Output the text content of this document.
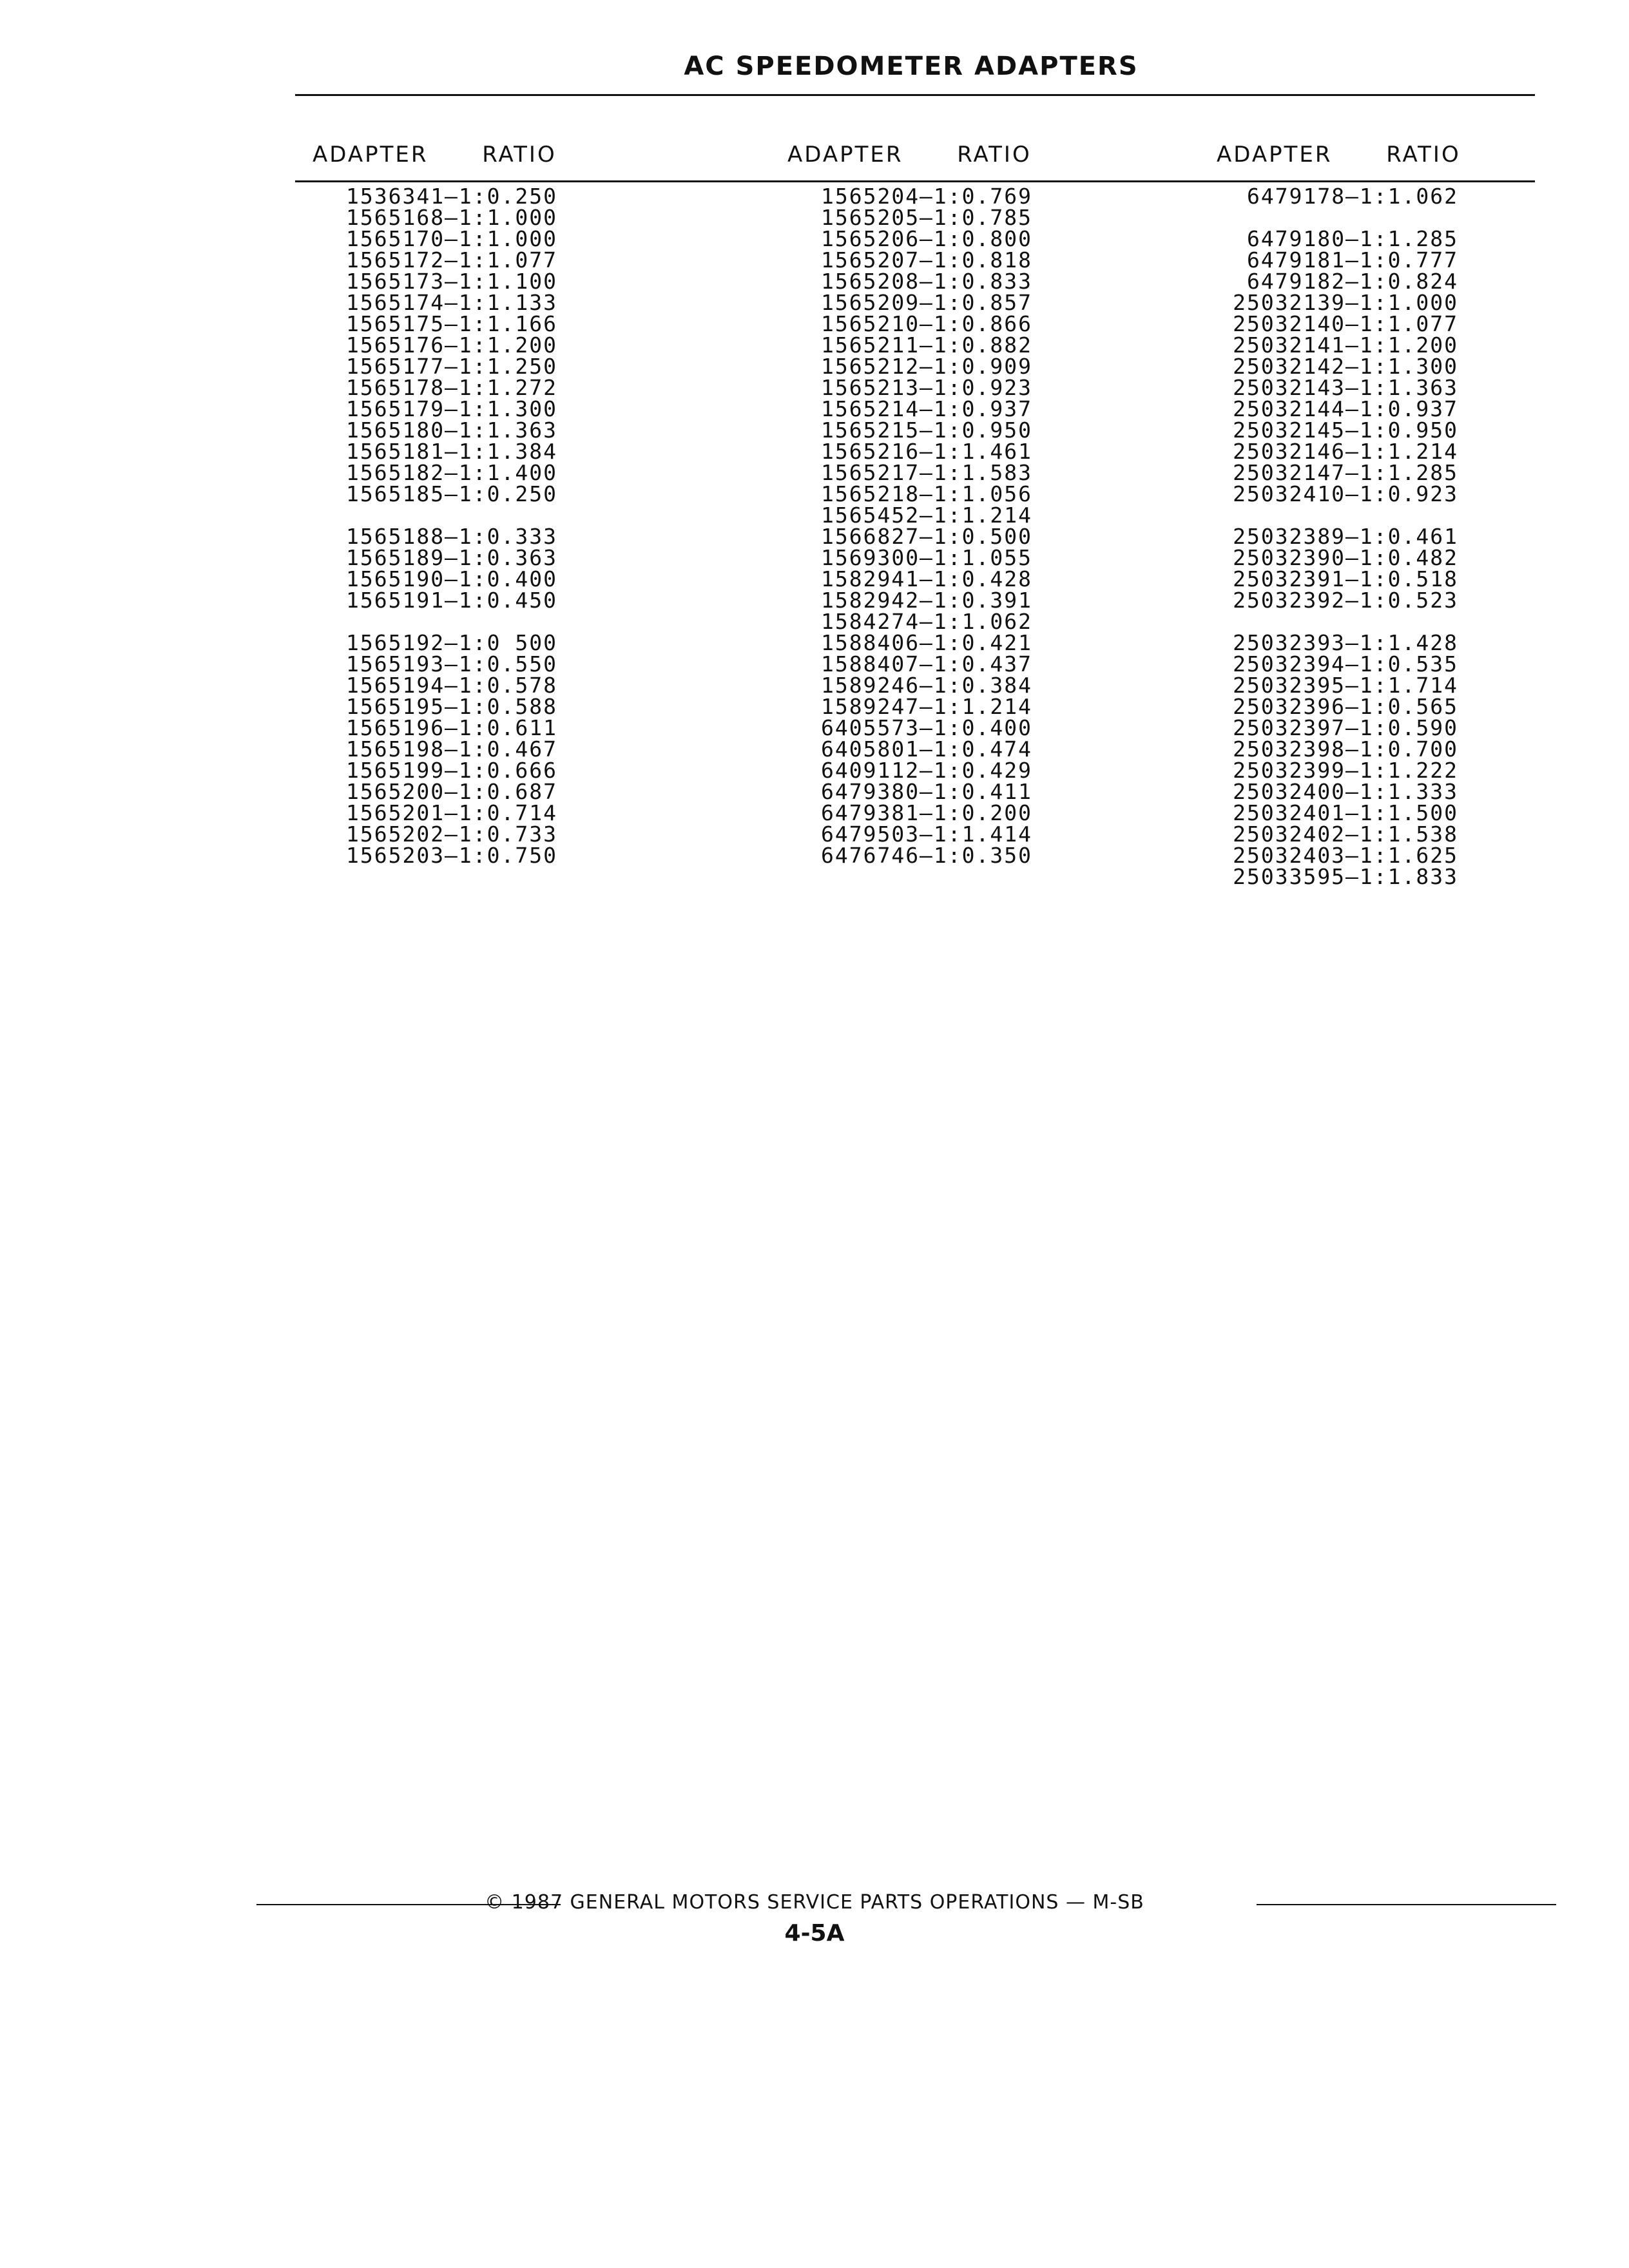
AC SPEEDOMETER ADAPTERS
ADAPTER RATIO	ADAPTER RATIO	ADAPTER RATIO
1536341—1:0.250
1565168—1:1.000
1565170—1:1.000
1565172—1:1.077
1565173—1:1.100
1565174—1:1.133
1565175—1:1.166
1565176—1:1.200
1565177—1:1.250
1565178—1:1.272
1565179—1:1.300
1565180—1:1.363
1565181—1:1.384
1565182—1:1.400
1565185—1:0.250
1565188—1:0.333
1565189—1:0.363
1565190—1:0.400
1565191—1:0.450
1565192—1:0 500
1565193—1:0.550
1565194—1:0.578
1565195—1:0.588
1565196—1:0.611
1565198—1:0.467
1565199—1:0.666
1565200—1:0.687
1565201—1:0.714
1565202—1:0.733
1565203—1:0.750
1565204—1:0.769
1565205—1:0.785
1565206—1:0.800
1565207—1:0.818
1565208—1:0.833
1565209—1:0.857
1565210—1:0.866
1565211—1:0.882
1565212—1:0.909
1565213—1:0.923
1565214—1:0.937
1565215—1:0.950
1565216—1:1.461
1565217—1:1.583
1565218—1:1.056
1565452—1:1.214
1566827—1:0.500
1569300—1:1.055
1582941—1:0.428
1582942—1:0.391
1584274—1:1.062
1588406—1:0.421
1588407—1:0.437
1589246—1:0.384
1589247—1:1.214
6405573—1:0.400
6405801—1:0.474
6409112—1:0.429
6479380—1:0.411
6479381—1:0.200
6479503—1:1.414
6476746—1:0.350
6479178—1:1.062
6479180—1:1.285
6479181—1:0.777
6479182—1:0.824
25032139—1:1.000
25032140—1:1.077
25032141—1:1.200
25032142—1:1.300
25032143—1:1.363
25032144—1:0.937
25032145—1:0.950
25032146—1:1.214
25032147—1:1.285
25032410—1:0.923
25032389—1:0.461
25032390—1:0.482
25032391—1:0.518
25032392—1:0.523
25032393—1:1.428
25032394—1:0.535
25032395—1:1.714
25032396—1:0.565
25032397—1:0.590
25032398—1:0.700
25032399—1:1.222
25032400—1:1.333
25032401—1:1.500
25032402—1:1.538
25032403—1:1.625
25033595—1:1.833
© 1987 GENERAL MOTORS SERVICE PARTS OPERATIONS — M-SB
4-5A
